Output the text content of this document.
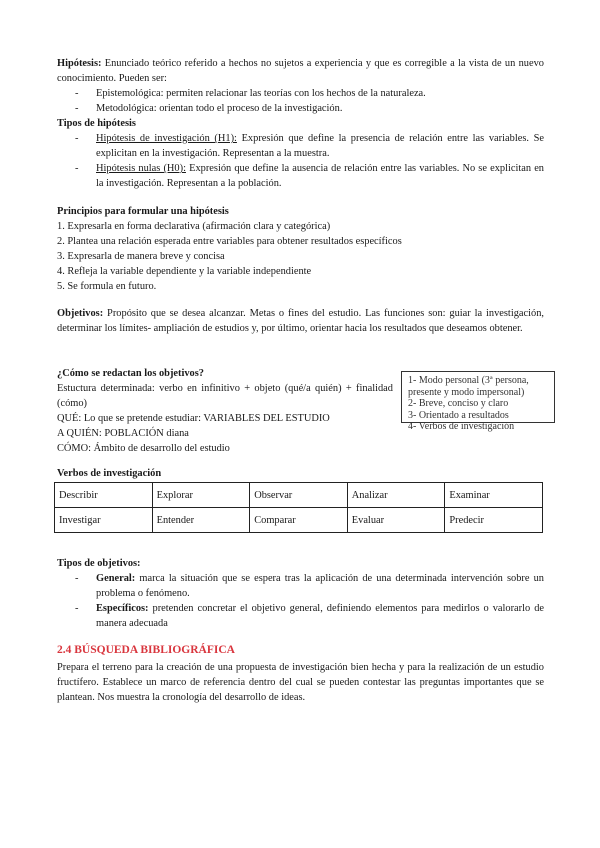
Hipótesis: Enunciado teórico referido a hechos no sujetos a experiencia y que es corregible a la vista de un nuevo conocimiento. Pueden ser:

- Epistemológica: permiten relacionar las teorías con los hechos de la naturaleza.
- Metodológica: orientan todo el proceso de la investigación.

Tipos de hipótesis

- Hipótesis de investigación (H1): Expresión que define la presencia de relación entre las variables. Se explicitan en la investigación. Representan a la muestra.
- Hipótesis nulas (H0): Expresión que define la ausencia de relación entre las variables. No se explicitan en la investigación. Representan a la población.

Principios para formular una hipótesis

1. Expresarla en forma declarativa (afirmación clara y categórica)

2. Plantea una relación esperada entre variables para obtener resultados específicos

3. Expresarla de manera breve y concisa

4. Refleja la variable dependiente y la variable independiente

5. Se formula en futuro.

Objetivos: Propósito que se desea alcanzar. Metas o fines del estudio. Las funciones son: guiar la investigación, determinar los límites- ampliación de estudios y, por último, orientar hacia los resultados que deseamos obtener.

¿Cómo se redactan los objetivos?

Estuctura determinada: verbo en infinitivo + objeto (qué/a quién) + finalidad (cómo)

QUÉ: Lo que se pretende estudiar: VARIABLES DEL ESTUDIO

A QUIÉN: POBLACIÓN diana

CÓMO: Ámbito de desarrollo del estudio

1- Modo personal (3ª persona, presente y modo impersonal)
2- Breve, conciso y claro
3- Orientado a resultados
4- Verbos de investigación

Verbos de investigación

Describir	Explorar	Observar	Analizar	Examinar
Investigar	Entender	Comparar	Evaluar	Predecir

Tipos de objetivos:

- General: marca la situación que se espera tras la aplicación de una determinada intervención sobre un problema o fenómeno.
- Específicos: pretenden concretar el objetivo general, definiendo elementos para medirlos o valorarlo de manera adecuada

2.4 BÚSQUEDA BIBLIOGRÁFICA

Prepara el terreno para la creación de una propuesta de investigación bien hecha y para la realización de un estudio fructífero. Establece un marco de referencia dentro del cual se pueden contestar las preguntas importantes que se plantean. Nos muestra la cronología del desarrollo de ideas.
